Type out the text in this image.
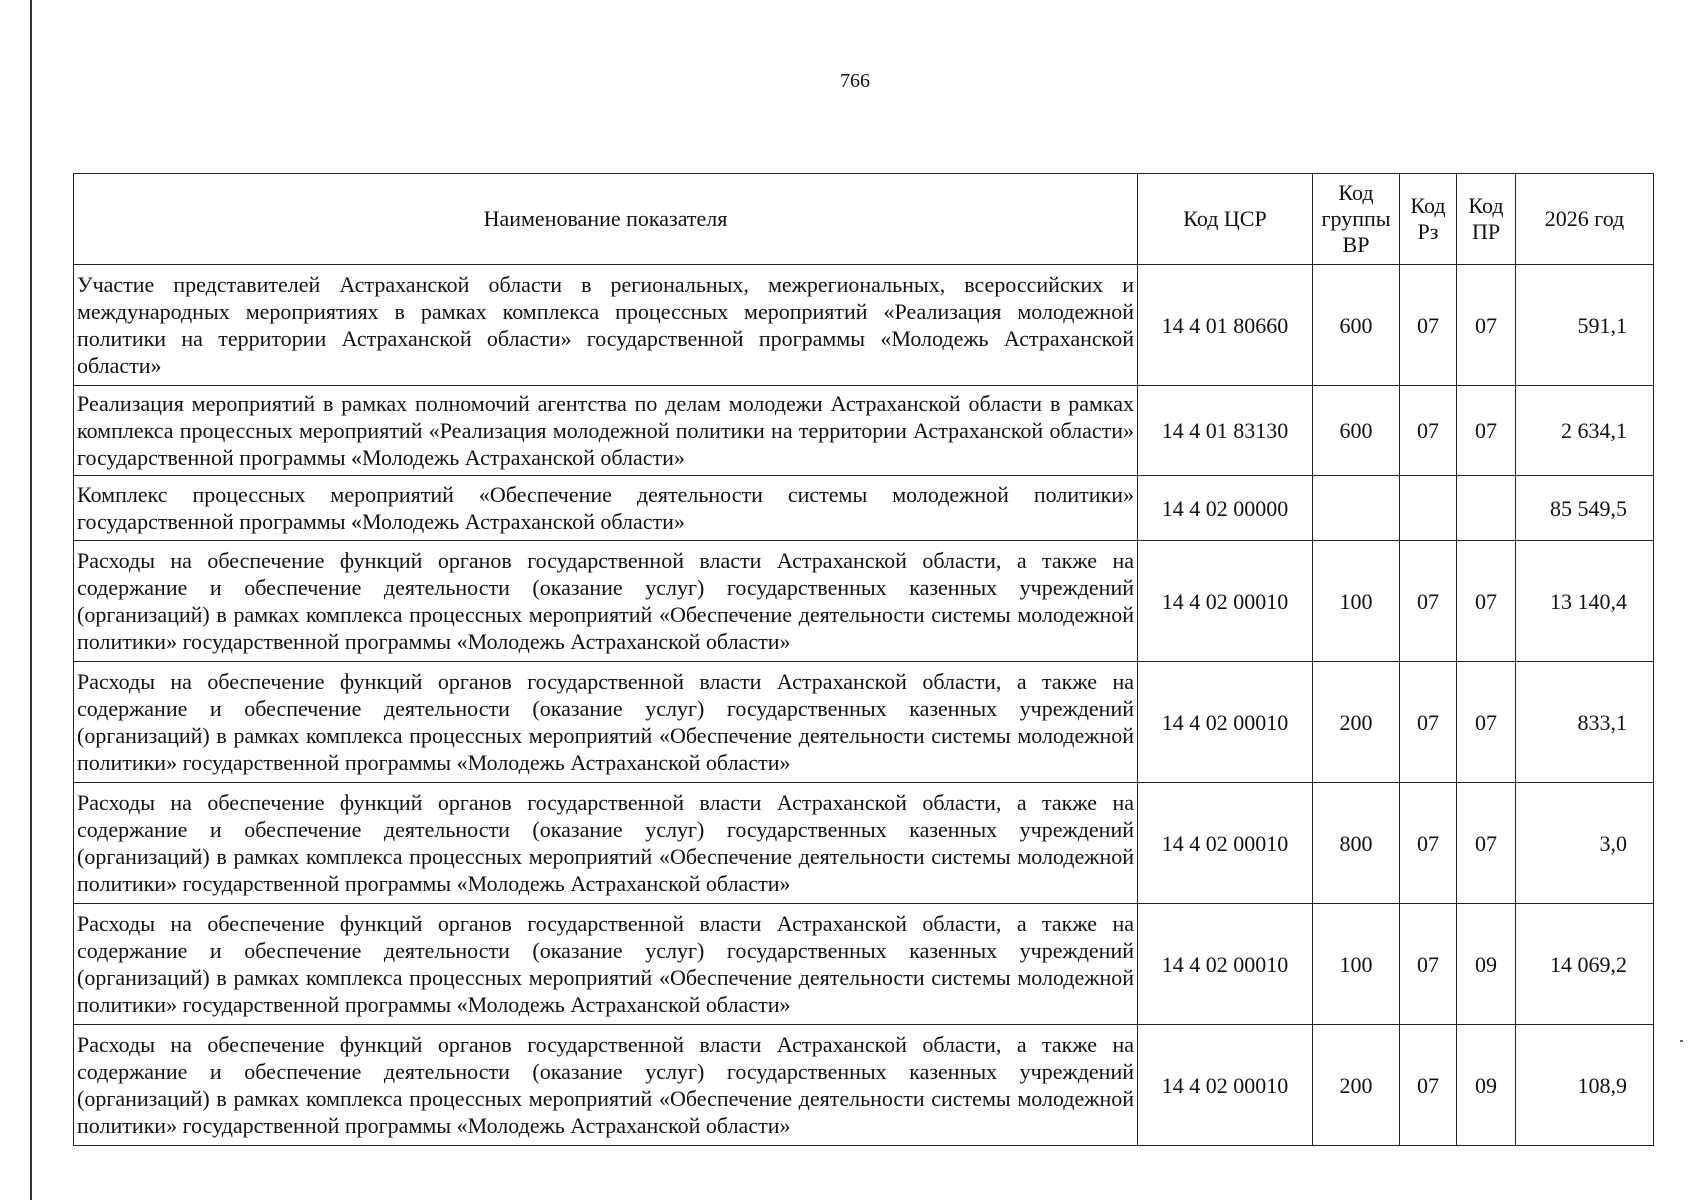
766
Наименование показателя	Код ЦСР	Код группы ВР	Код Рз	Код ПР	2026 год
Участие представителей Астраханской области в региональных, межрегиональных, всероссийских и международных мероприятиях в рамках комплекса процессных мероприятий «Реализация молодежной политики на территории Астраханской области» государственной программы «Молодежь Астраханской области»	14 4 01 80660	600	07	07	591,1
Реализация мероприятий в рамках полномочий агентства по делам молодежи Астраханской области в рамках комплекса процессных мероприятий «Реализация молодежной политики на территории Астраханской области» государственной программы «Молодежь Астраханской области»	14 4 01 83130	600	07	07	2 634,1
Комплекс процессных мероприятий «Обеспечение деятельности системы молодежной политики» государственной программы «Молодежь Астраханской области»	14 4 02 00000				85 549,5
Расходы на обеспечение функций органов государственной власти Астраханской области, а также на содержание и обеспечение деятельности (оказание услуг) государственных казенных учреждений (организаций) в рамках комплекса процессных мероприятий «Обеспечение деятельности системы молодежной политики» государственной программы «Молодежь Астраханской области»	14 4 02 00010	100	07	07	13 140,4
Расходы на обеспечение функций органов государственной власти Астраханской области, а также на содержание и обеспечение деятельности (оказание услуг) государственных казенных учреждений (организаций) в рамках комплекса процессных мероприятий «Обеспечение деятельности системы молодежной политики» государственной программы «Молодежь Астраханской области»	14 4 02 00010	200	07	07	833,1
Расходы на обеспечение функций органов государственной власти Астраханской области, а также на содержание и обеспечение деятельности (оказание услуг) государственных казенных учреждений (организаций) в рамках комплекса процессных мероприятий «Обеспечение деятельности системы молодежной политики» государственной программы «Молодежь Астраханской области»	14 4 02 00010	800	07	07	3,0
Расходы на обеспечение функций органов государственной власти Астраханской области, а также на содержание и обеспечение деятельности (оказание услуг) государственных казенных учреждений (организаций) в рамках комплекса процессных мероприятий «Обеспечение деятельности системы молодежной политики» государственной программы «Молодежь Астраханской области»	14 4 02 00010	100	07	09	14 069,2
Расходы на обеспечение функций органов государственной власти Астраханской области, а также на содержание и обеспечение деятельности (оказание услуг) государственных казенных учреждений (организаций) в рамках комплекса процессных мероприятий «Обеспечение деятельности системы молодежной политики» государственной программы «Молодежь Астраханской области»	14 4 02 00010	200	07	09	108,9
